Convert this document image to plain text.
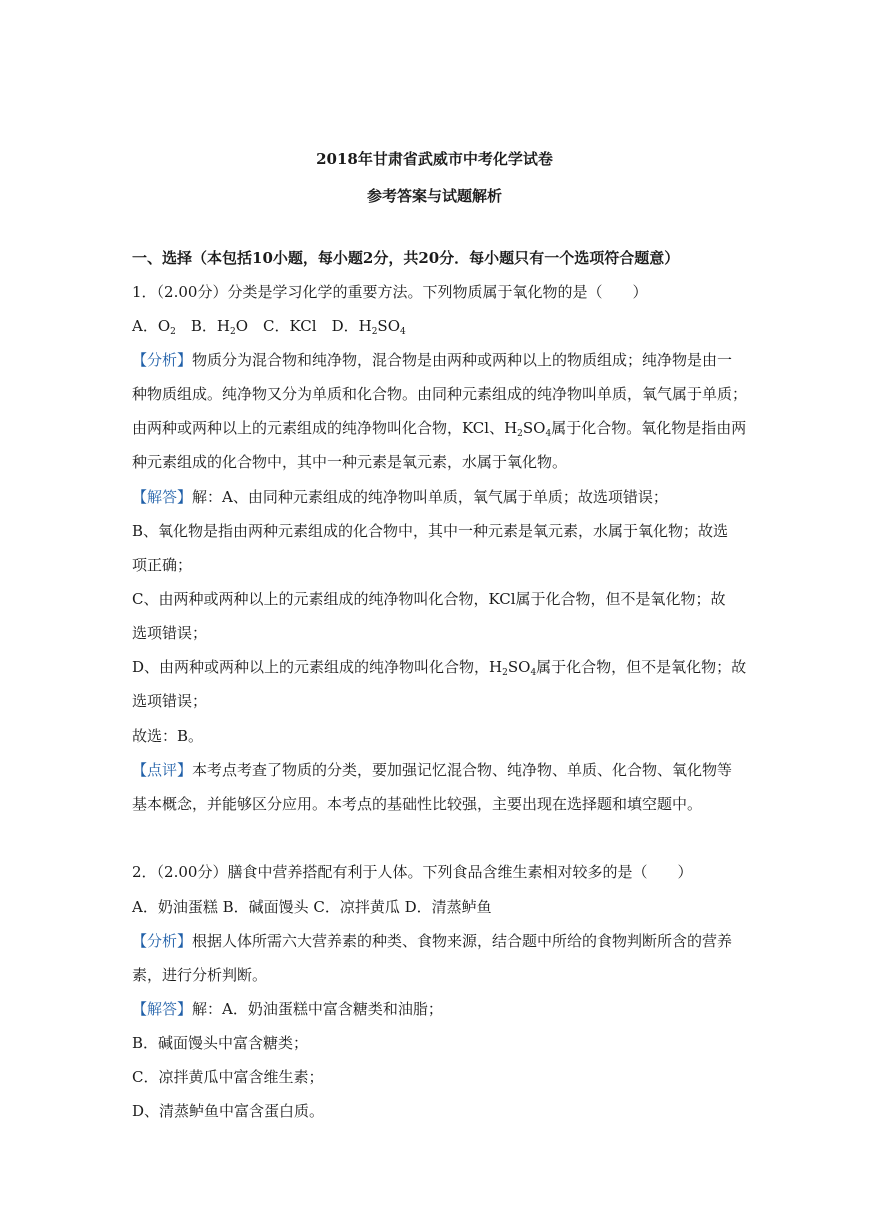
2018年甘肃省武威市中考化学试卷
参考答案与试题解析
一、选择（本包括10小题，每小题2分，共20分．每小题只有一个选项符合题意）
1．（2.00分）分类是学习化学的重要方法。下列物质属于氧化物的是（　　）
A．$O_2$　B．$H_2O$　C．KCl　D．$H_2SO_4$
【分析】物质分为混合物和纯净物，混合物是由两种或两种以上的物质组成；纯净物是由一
种物质组成。纯净物又分为单质和化合物。由同种元素组成的纯净物叫单质，氧气属于单质；
由两种或两种以上的元素组成的纯净物叫化合物，KCl、$H_2SO_4$属于化合物。氧化物是指由两
种元素组成的化合物中，其中一种元素是氧元素，水属于氧化物。
【解答】解：A、由同种元素组成的纯净物叫单质，氧气属于单质；故选项错误；
B、氧化物是指由两种元素组成的化合物中，其中一种元素是氧元素，水属于氧化物；故选
项正确；
C、由两种或两种以上的元素组成的纯净物叫化合物，KCl属于化合物，但不是氧化物；故
选项错误；
D、由两种或两种以上的元素组成的纯净物叫化合物，$H_2SO_4$属于化合物，但不是氧化物；故
选项错误；
故选：B。
【点评】本考点考查了物质的分类，要加强记忆混合物、纯净物、单质、化合物、氧化物等
基本概念，并能够区分应用。本考点的基础性比较强，主要出现在选择题和填空题中。
2．（2.00分）膳食中营养搭配有利于人体。下列食品含维生素相对较多的是（　　）
A．奶油蛋糕 B．碱面馒头 C．凉拌黄瓜 D．清蒸鲈鱼
【分析】根据人体所需六大营养素的种类、食物来源，结合题中所给的食物判断所含的营养
素，进行分析判断。
【解答】解：A．奶油蛋糕中富含糖类和油脂；
B．碱面馒头中富含糖类；
C．凉拌黄瓜中富含维生素；
D、清蒸鲈鱼中富含蛋白质。
